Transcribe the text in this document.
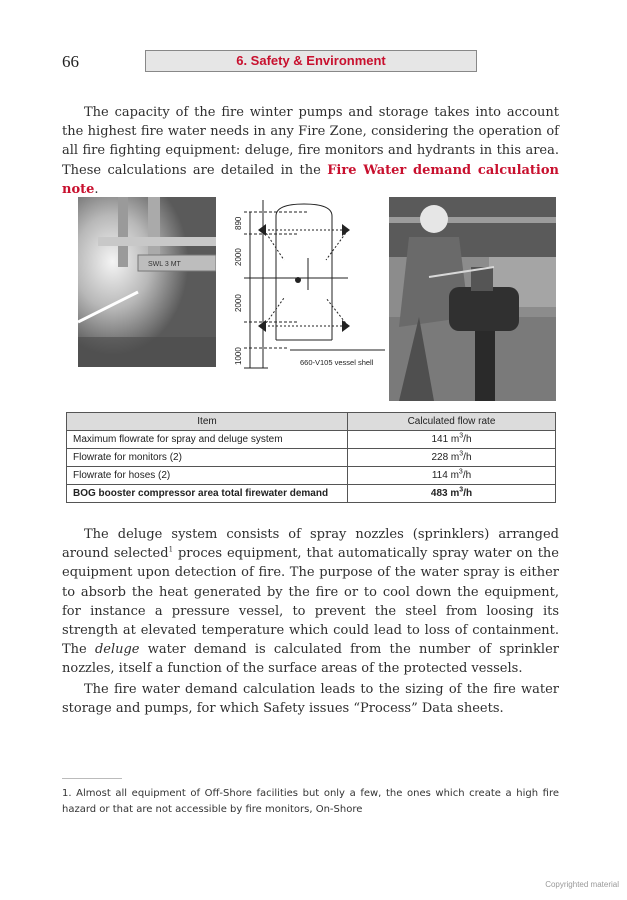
66	6. Safety & Environment
The capacity of the fire winter pumps and storage takes into account the highest fire water needs in any Fire Zone, considering the operation of all fire fighting equipment: deluge, fire monitors and hydrants in this area. These calculations are detailed in the Fire Water demand calculation note.
SWL 3 MT
890
2000
2000
1000	660-V105 vessel shell
Item	Calculated flow rate
Maximum flowrate for spray and deluge system	141 $m^3/h$
Flowrate for monitors (2)	228 $m^3/h$
Flowrate for hoses (2)	114 $m^3/h$
BOG booster compressor area total firewater demand	483 $m^3/h$
The deluge system consists of spray nozzles (sprinklers) arranged around selected$^1$ proces equipment, that automatically spray water on the equipment upon detection of fire. The purpose of the water spray is either to absorb the heat generated by the fire or to cool down the equipment, for instance a pressure vessel, to prevent the steel from loosing its strength at elevated temperature which could lead to loss of containment. The deluge water demand is calculated from the number of sprinkler nozzles, itself a function of the surface areas of the protected vessels.
The fire water demand calculation leads to the sizing of the fire water storage and pumps, for which Safety issues “Process” Data sheets.
1. Almost all equipment of Off-Shore facilities but only a few, the ones which create a high fire hazard or that are not accessible by fire monitors, On-Shore
Copyrighted material
